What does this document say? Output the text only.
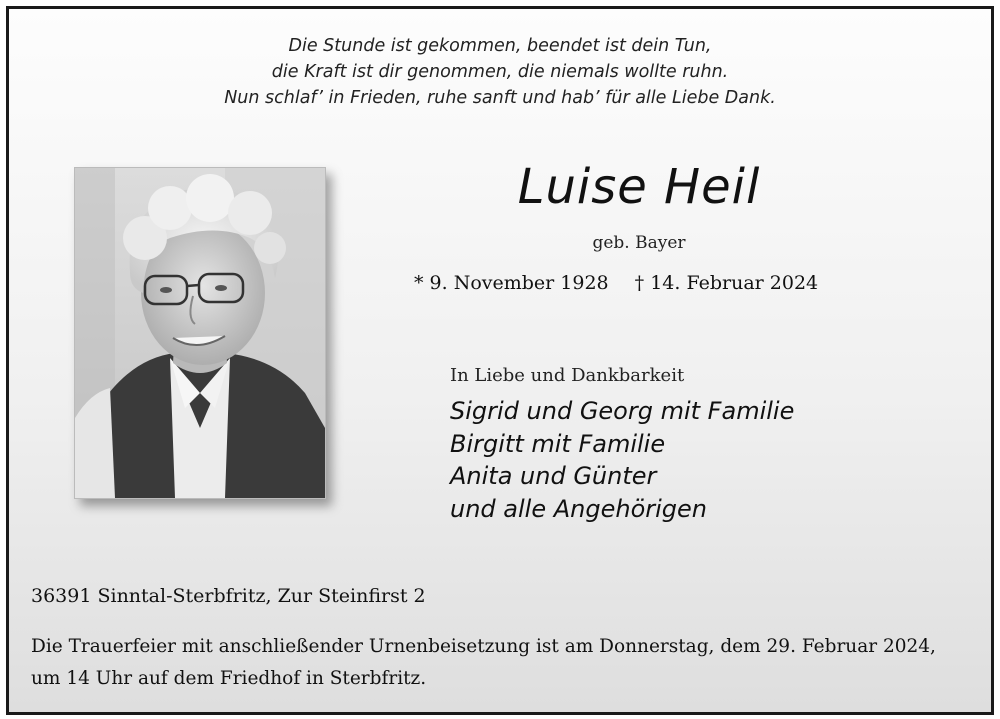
Die Stunde ist gekommen, beendet ist dein Tun,
die Kraft ist dir genommen, die niemals wollte ruhn.
Nun schlaf’ in Frieden, ruhe sanft und hab’ für alle Liebe Dank.
Luise Heil
geb. Bayer
* 9. November 1928 † 14. Februar 2024
In Liebe und Dankbarkeit
Sigrid und Georg mit Familie
Birgitt mit Familie
Anita und Günter
und alle Angehörigen
36391 Sinntal-Sterbfritz, Zur Steinfirst 2
Die Trauerfeier mit anschließender Urnenbeisetzung ist am Donnerstag, dem 29. Februar 2024,
um 14 Uhr auf dem Friedhof in Sterbfritz.
